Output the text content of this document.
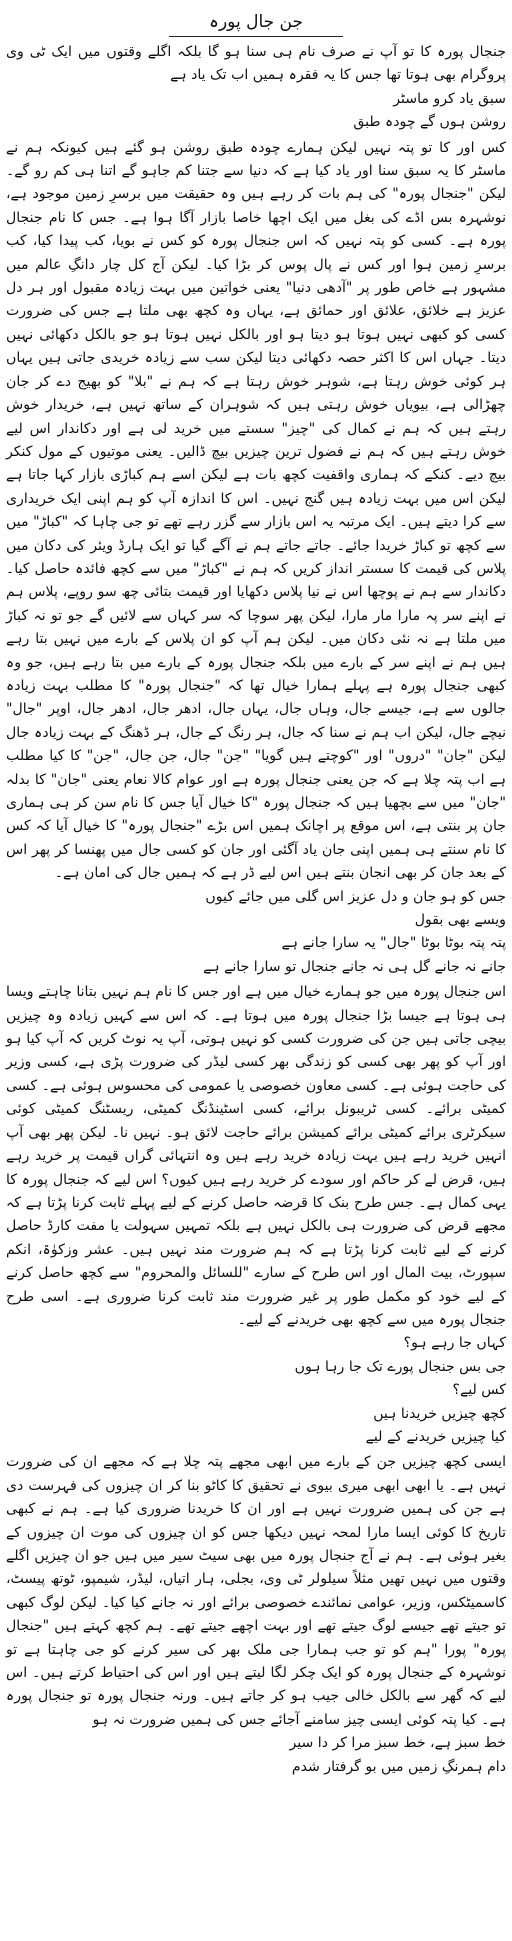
جن جال پورہ

جنجال پورہ کا تو آپ نے صرف نام ہی سنا ہو گا بلکہ اگلے وقتوں میں ایک ٹی وی پروگرام بھی ہوتا تھا جس کا یہ فقرہ ہمیں اب تک یاد ہے

سبق یاد کرو ماسٹر

روشن ہوں گے چودہ طبق

کس اور کا تو پتہ نہیں لیکن ہمارے چودہ طبق روشن ہو گئے ہیں کیونکہ ہم نے ماسٹر کا یہ سبق سنا اور یاد کیا ہے کہ دنیا سے جتنا کم جاہو گے اتنا ہی کم رو گے۔ لیکن "جنجال پورہ" کی ہم بات کر رہے ہیں وہ حقیقت میں برسرِ زمین موجود ہے، نوشہرہ بس اڈے کی بغل میں ایک اچھا خاصا بازار آگا ہوا ہے۔ جس کا نام جنجال پورہ ہے۔ کسی کو پتہ نہیں کہ اس جنجال پورہ کو کس نے بویا، کب پیدا کیا، کب برسرِ زمین ہوا اور کس نے پال پوس کر بڑا کیا۔ لیکن آج کل چار دانگِ عالم میں مشہور ہے خاص طور پر "آدھی دنیا" یعنی خواتین میں بہت زیادہ مقبول اور ہر دل عزیز ہے خلائق، علائق اور حمائق ہے، یہاں وہ کچھ بھی ملتا ہے جس کی ضرورت کسی کو کبھی نہیں ہوتا ہو دیتا ہو اور بالکل نہیں ہوتا ہو جو بالکل دکھائی نہیں دیتا۔ جہاں اس کا اکثر حصہ دکھائی دیتا لیکن سب سے زیادہ خریدی جاتی ہیں یہاں ہر کوئی خوش رہتا ہے، شوہر خوش رہتا ہے کہ ہم نے "بلا" کو بھیج دے کر جان چھڑالی ہے، بیویاں خوش رہتی ہیں کہ شوہران کے ساتھ نہیں ہے، خریدار خوش رہتے ہیں کہ ہم نے کمال کی "چیز" سستے میں خرید لی ہے اور دکاندار اس لیے خوش رہتے ہیں کہ ہم نے فضول ترین چیزیں بیچ ڈالیں۔ یعنی موتیوں کے مول کنکر بیچ دیے۔ کنکے کہ ہماری واقفیت کچھ بات ہے لیکن اسے ہم کباڑی بازار کہا جاتا ہے لیکن اس میں بہت زیادہ ہیں گنج نہیں۔ اس کا اندازہ آپ کو ہم اپنی ایک خریداری سے کرا دیتے ہیں۔ ایک مرتبہ یہ اس بازار سے گزر رہے تھے تو جی چاہا کہ "کباڑ" میں سے کچھ تو کباڑ خریدا جائے۔ جاتے جاتے ہم نے آگے گیا تو ایک ہارڈ ویئر کی دکان میں پلاس کی قیمت کا سستر انداز کریں کہ ہم نے "کباڑ" میں سے کچھ فائدہ حاصل کیا۔ دکاندار سے ہم نے پوچھا اس نے نیا پلاس دکھایا اور قیمت بتائی چھ سو روپے، پلاس ہم نے اپنے سر پہ مارا مار مارا، لیکن پھر سوچا کہ سر کہاں سے لائیں گے جو تو نہ کباڑ میں ملتا ہے نہ نئی دکان میں۔ لیکن ہم آپ کو ان پلاس کے بارے میں نہیں بتا رہے ہیں ہم نے اپنے سر کے بارے میں بلکہ جنجال پورہ کے بارے میں بتا رہے ہیں، جو وہ کبھی جنجال پورہ ہے پہلے ہمارا خیال تھا کہ "جنجال پورہ" کا مطلب بہت زیادہ جالوں سے ہے، جیسے جال، وہاں جال، یہاں جال، ادھر جال، ادھر جال، اوپر "جال" نیچے جال، لیکن اب ہم نے سنا کہ جال، ہر رنگ کے جال، ہر ڈھنگ کے بہت زیادہ جال لیکن "جان" "دروں" اور "کوچتے ہیں گویا" "جن" جال، جن جال، "جن" کا کیا مطلب ہے اب پتہ چلا ہے کہ جن یعنی جنجال پورہ ہے اور عوام کالا نعام یعنی "جان" کا بدلہ "جان" میں سے بچھیا ہیں کہ جنجال پورہ "کا خیال آیا جس کا نام سن کر ہی ہماری جان پر بنتی ہے، اس موقع پر اچانک ہمیں اس بڑے "جنجال پورہ" کا خیال آیا کہ کس کا نام سنتے ہی ہمیں اپنی جان یاد آگئی اور جان کو کسی جال میں پھنسا کر پھر اس کے بعد جان کر بھی انجان بنتے ہیں اس لیے ڈر ہے کہ ہمیں جال کی امان ہے۔

جس کو ہو جان و دل عزیز اس گلی میں جائے کیوں

ویسے بھی بقول

پتہ پتہ بوٹا بوٹا "جال" یہ سارا جانے ہے

جانے نہ جانے گل ہی نہ جانے جنجال تو سارا جانے ہے

اس جنجال پورہ میں جو ہمارے خیال میں ہے اور جس کا نام ہم نہیں بتانا چاہتے ویسا ہی ہوتا ہے جیسا بڑا جنجال پورہ میں ہوتا ہے۔ کہ اس سے کہیں زیادہ وہ چیزیں بیچی جاتی ہیں جن کی ضرورت کسی کو نہیں ہوتی، آپ یہ نوٹ کریں کہ آپ کیا ہو اور آپ کو پھر بھی کسی کو زندگی بھر کسی لیڈر کی ضرورت پڑی ہے، کسی وزیر کی حاجت ہوئی ہے۔ کسی معاون خصوصی یا عمومی کی محسوس ہوئی ہے۔ کسی کمیٹی برائے۔ کسی ٹریبونل برائے، کسی اسٹینڈنگ کمیٹی، ریسٹنگ کمیٹی کوئی سیکرٹری برائے کمیٹی برائے کمیشن برائے حاجت لائق ہو۔ نہیں نا۔ لیکن پھر بھی آپ انہیں خرید رہے ہیں بہت زیادہ خرید رہے ہیں وہ انتہائی گراں قیمت پر خرید رہے ہیں، قرض لے کر حاکم اور سودے کر خرید رہے ہیں کیوں؟ اس لیے کہ جنجال پورہ کا یہی کمال ہے۔ جس طرح بنک کا قرضہ حاصل کرنے کے لیے پہلے ثابت کرنا پڑتا ہے کہ مجھے قرض کی ضرورت ہی بالکل نہیں ہے بلکہ تمہیں سہولت یا مفت کارڈ حاصل کرنے کے لیے ثابت کرنا پڑتا ہے کہ ہم ضرورت مند نہیں ہیں۔ عشر وزکوٰۃ، انکم سپورٹ، بیت المال اور اس طرح کے سارے "للسائل والمحروم" سے کچھ حاصل کرنے کے لیے خود کو مکمل طور پر غیر ضرورت مند ثابت کرنا ضروری ہے۔ اسی طرح جنجال پورہ میں سے کچھ بھی خریدنے کے لیے۔

کہاں جا رہے ہو؟

جی بس جنجال پورے تک جا رہا ہوں

کس لیے؟

کچھ چیزیں خریدنا ہیں

کیا چیزیں خریدنے کے لیے

ایسی کچھ چیزیں جن کے بارے میں ابھی مجھے پتہ چلا ہے کہ مجھے ان کی ضرورت نہیں ہے۔ یا ابھی ابھی میری بیوی نے تحقیق کا کاٹو بنا کر ان چیزوں کی فہرست دی ہے جن کی ہمیں ضرورت نہیں ہے اور ان کا خریدنا ضروری کیا ہے۔ ہم نے کبھی تاریخ کا کوئی ایسا مارا لمحہ نہیں دیکھا جس کو ان چیزوں کی موت ان چیزوں کے بغیر ہوئی ہے۔ ہم نے آج جنجال پورہ میں بھی سیٹ سیر میں ہیں جو ان چیزیں اگلے وقتوں میں نہیں تھیں مثلاً سیلولر ٹی وی، بجلی، ہار اتیاں، لیڈر، شیمپو، ٹوتھ پیسٹ، کاسمیٹکس، وزیر، عوامی نمائندے خصوصی برائے اور نہ جانے کیا کیا۔ لیکن لوگ کبھی تو جیتے تھے جیسے لوگ جیتے تھے اور بہت اچھے جیتے تھے۔ ہم کچھ کہتے ہیں "جنجال پورہ" پورا "ہم کو تو جب ہمارا جی ملک بھر کی سیر کرنے کو جی چاہتا ہے تو نوشہرہ کے جنجال پورہ کو ایک چکر لگا لیتے ہیں اور اس کی احتیاط کرتے ہیں۔ اس لیے کہ گھر سے بالکل خالی جیب ہو کر جاتے ہیں۔ ورنہ جنجال پورہ تو جنجال پورہ ہے۔ کیا پتہ کوئی ایسی چیز سامنے آجائے جس کی ہمیں ضرورت نہ ہو

خط سبز ہے، خط سبز مرا کر دا سیر

دام ہمرنگِ زمیں میں بو گرفتار شدم
